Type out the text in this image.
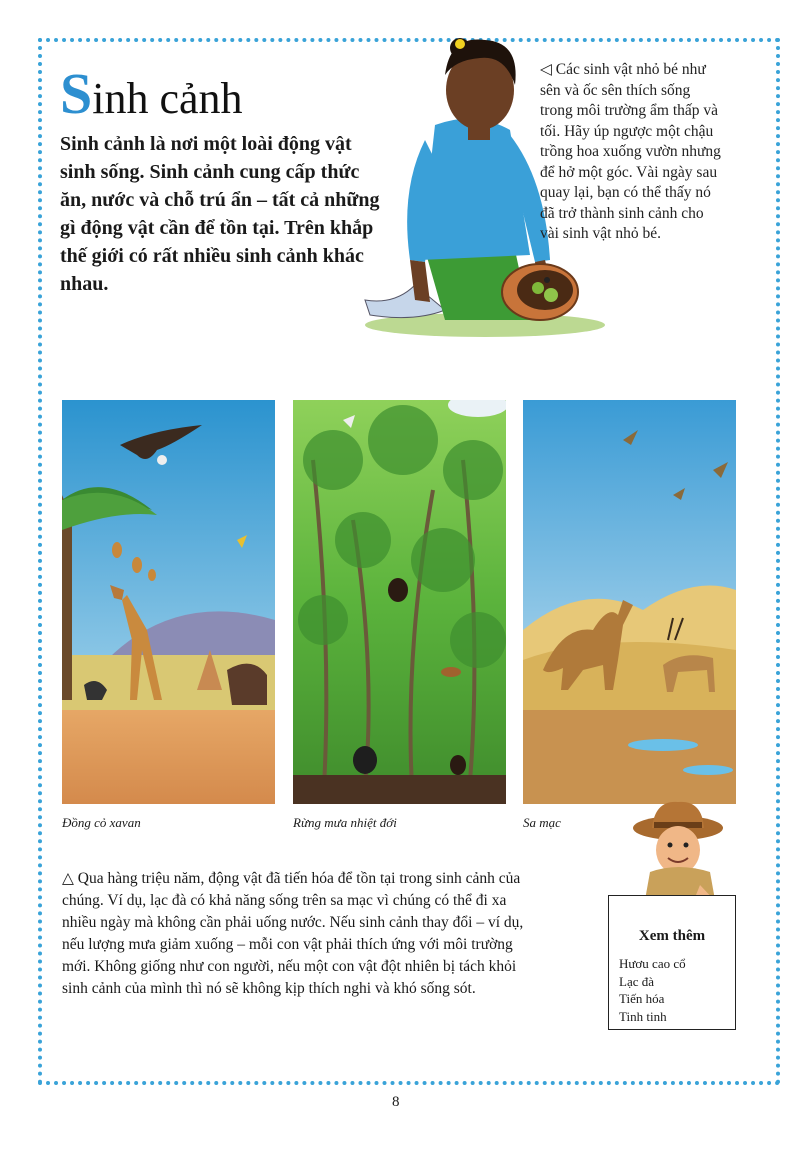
Sinh cảnh

Sinh cảnh là nơi một loài động vật sinh sống. Sinh cảnh cung cấp thức ăn, nước và chỗ trú ẩn – tất cả những gì động vật cần để tồn tại. Trên khắp thế giới có rất nhiều sinh cảnh khác nhau.

◁ Các sinh vật nhỏ bé như sên và ốc sên thích sống trong môi trường ẩm thấp và tối. Hãy úp ngược một chậu trồng hoa xuống vườn nhưng để hở một góc. Vài ngày sau quay lại, bạn có thể thấy nó đã trở thành sinh cảnh cho vài sinh vật nhỏ bé.

Đồng cỏ xavan	Rừng mưa nhiệt đới	Sa mạc

△ Qua hàng triệu năm, động vật đã tiến hóa để tồn tại trong sinh cảnh của chúng. Ví dụ, lạc đà có khả năng sống trên sa mạc vì chúng có thể đi xa nhiều ngày mà không cần phải uống nước. Nếu sinh cảnh thay đổi – ví dụ, nếu lượng mưa giảm xuống – mỗi con vật phải thích ứng với môi trường mới. Không giống như con người, nếu một con vật đột nhiên bị tách khỏi sinh cảnh của mình thì nó sẽ không kịp thích nghi và khó sống sót.

Xem thêm
Hươu cao cổ
Lạc đà
Tiến hóa
Tinh tinh

8
